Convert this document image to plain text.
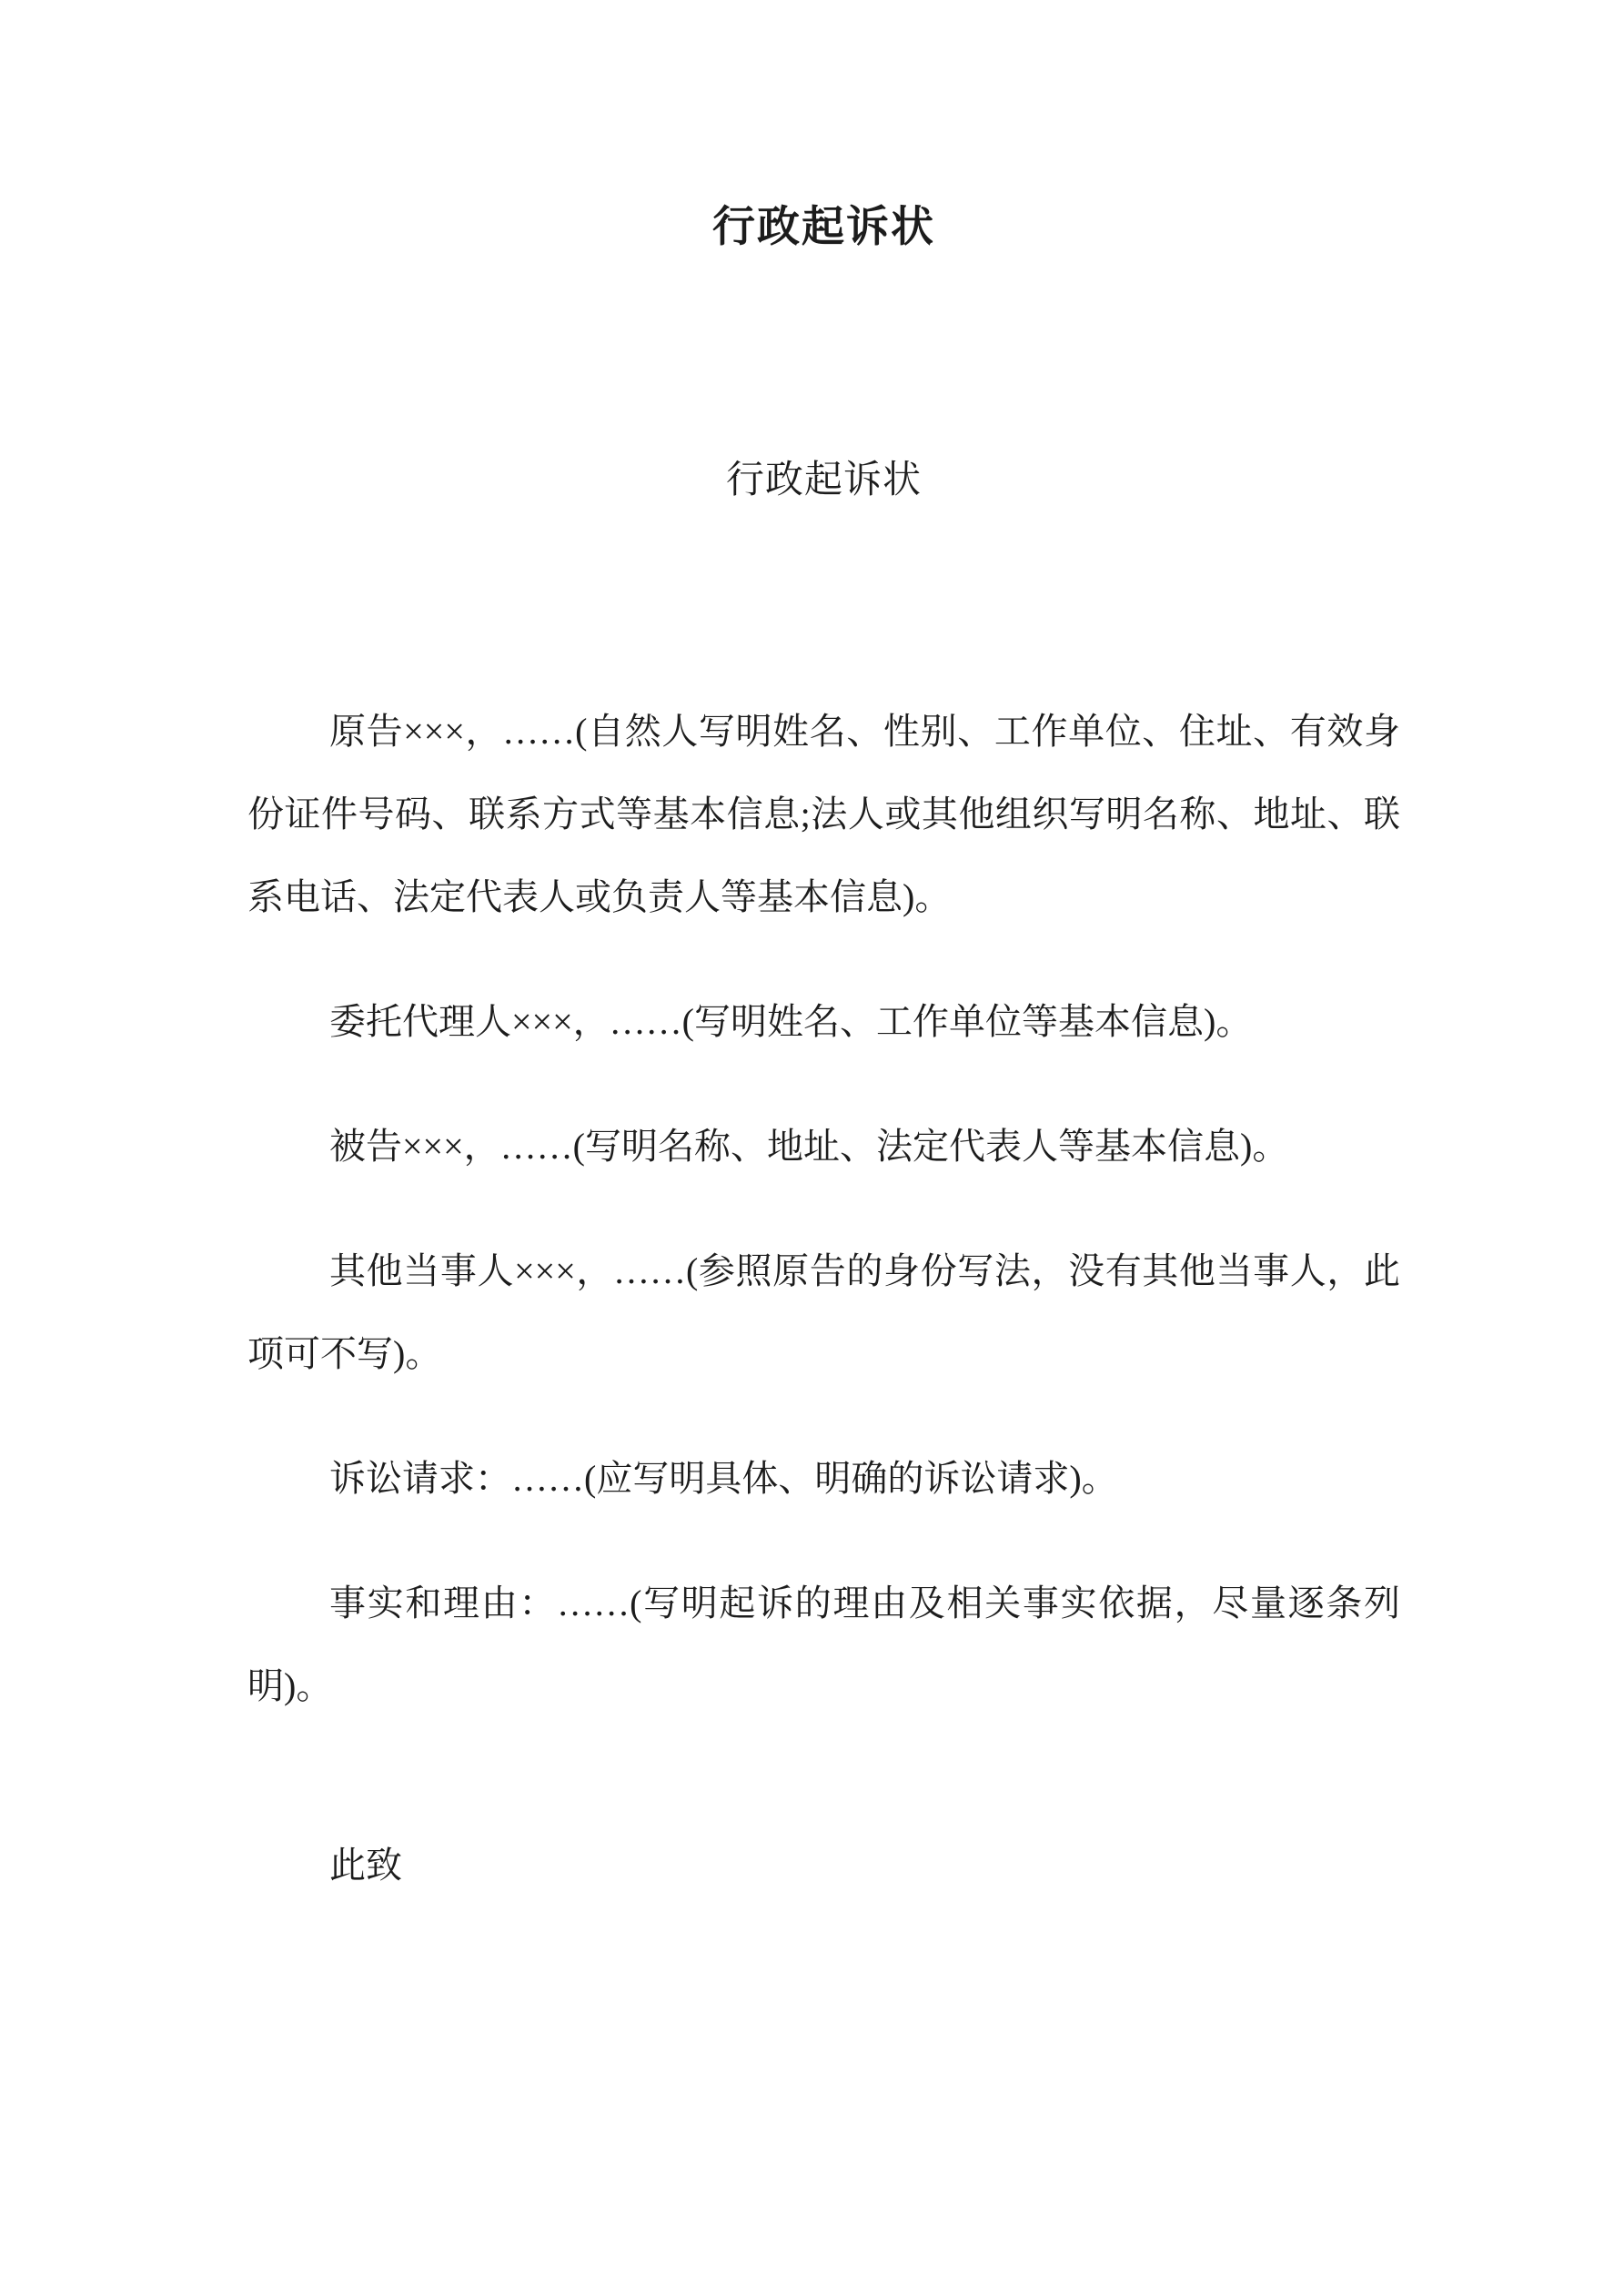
行政起诉状
行政起诉状

原告×××，……(自然人写明姓名、性别、工作单位、住址、有效身份证件号码、联系方式等基本信息;法人或其他组织写明名称、地址、联系电话、法定代表人或负责人等基本信息)。

委托代理人×××，……(写明姓名、工作单位等基本信息)。

被告×××，……(写明名称、地址、法定代表人等基本信息)。

其他当事人×××，……(参照原告的身份写法，没有其他当事人，此项可不写)。

诉讼请求：……(应写明具体、明确的诉讼请求)。

事实和理由：……(写明起诉的理由及相关事实依据，尽量逐条列明)。

此致
